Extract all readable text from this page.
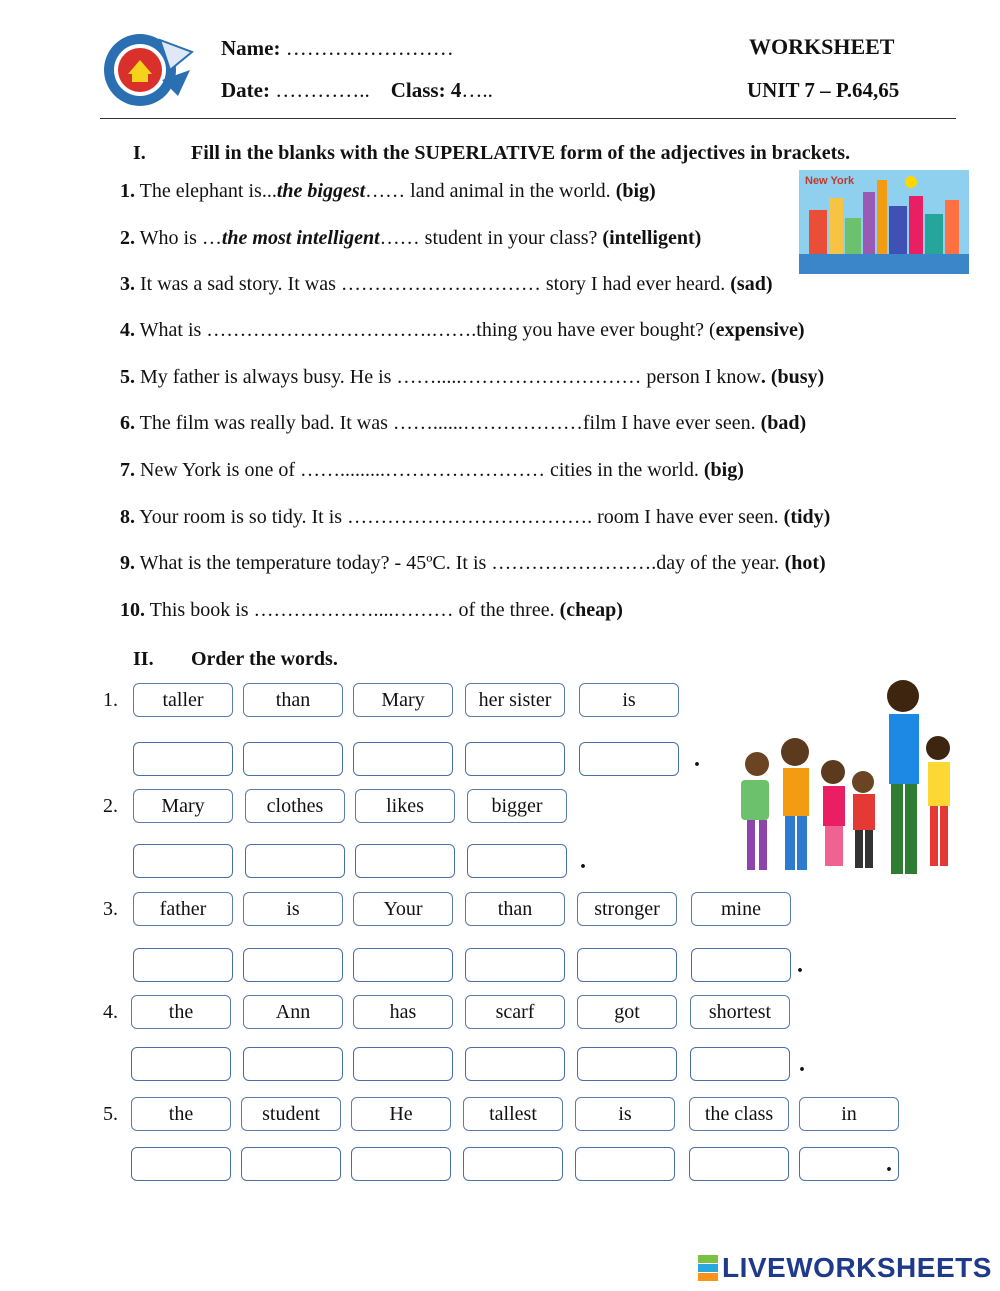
Name: ……………………
Date: ………….. Class: 4…..
WORKSHEET
UNIT 7 – P.64,65
I. Fill in the blanks with the SUPERLATIVE form of the adjectives in brackets.
New York
1. The elephant is...the biggest…… land animal in the world. (big)
2. Who is …the most intelligent…… student in your class? (intelligent)
3. It was a sad story. It was ………………………… story I had ever heard. (sad)
4. What is …………………………….…….thing you have ever bought? (expensive)
5. My father is always busy. He is …….....……………………… person I know. (busy)
6. The film was really bad. It was ……......………………film I have ever seen. (bad)
7. New York is one of …….........…………………… cities in the world. (big)
8. Your room is so tidy. It is ………………………………. room I have ever seen. (tidy)
9. What is the temperature today? - 45ºC. It is …………………….day of the year. (hot)
10. This book is ………………....……… of the three. (cheap)
II. Order the words.
1.	taller	than	Mary	her sister	is
.
2.	Mary	clothes	likes	bigger
.
3.	father	is	Your	than	stronger	mine
.
4.	the	Ann	has	scarf	got	shortest
.
5.	the	student	He	tallest	is	the class	in
.
LIVEWORKSHEETS
